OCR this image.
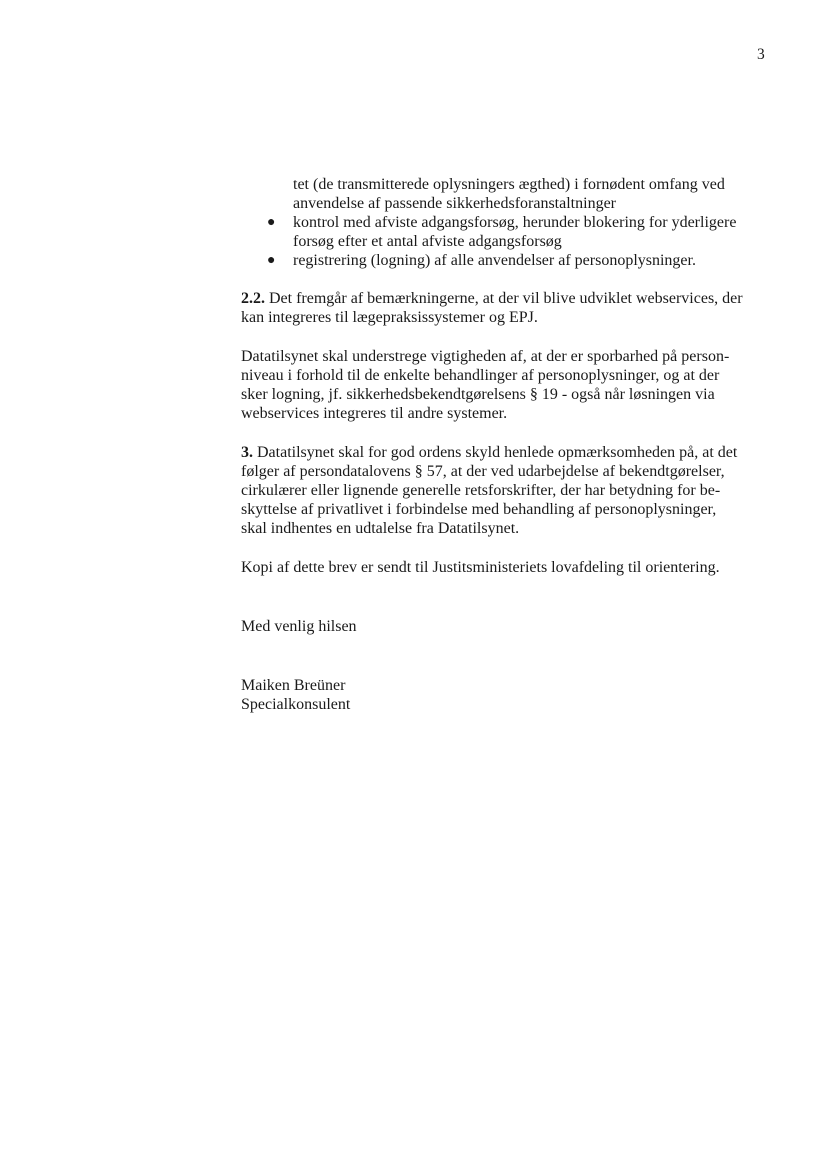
3
tet (de transmitterede oplysningers ægthed) i fornødent omfang ved
anvendelse af passende sikkerhedsforanstaltninger
● kontrol med afviste adgangsforsøg, herunder blokering for yderligere
forsøg efter et antal afviste adgangsforsøg
● registrering (logning) af alle anvendelser af personoplysninger.
2.2. Det fremgår af bemærkningerne, at der vil blive udviklet webservices, der
kan integreres til lægepraksissystemer og EPJ.
Datatilsynet skal understrege vigtigheden af, at der er sporbarhed på person-
niveau i forhold til de enkelte behandlinger af personoplysninger, og at der
sker logning, jf. sikkerhedsbekendtgørelsens § 19 - også når løsningen via
webservices integreres til andre systemer.
3. Datatilsynet skal for god ordens skyld henlede opmærksomheden på, at det
følger af persondatalovens § 57, at der ved udarbejdelse af bekendtgørelser,
cirkulærer eller lignende generelle retsforskrifter, der har betydning for be-
skyttelse af privatlivet i forbindelse med behandling af personoplysninger,
skal indhentes en udtalelse fra Datatilsynet.
Kopi af dette brev er sendt til Justitsministeriets lovafdeling til orientering.
Med venlig hilsen
Maiken Breüner
Specialkonsulent
